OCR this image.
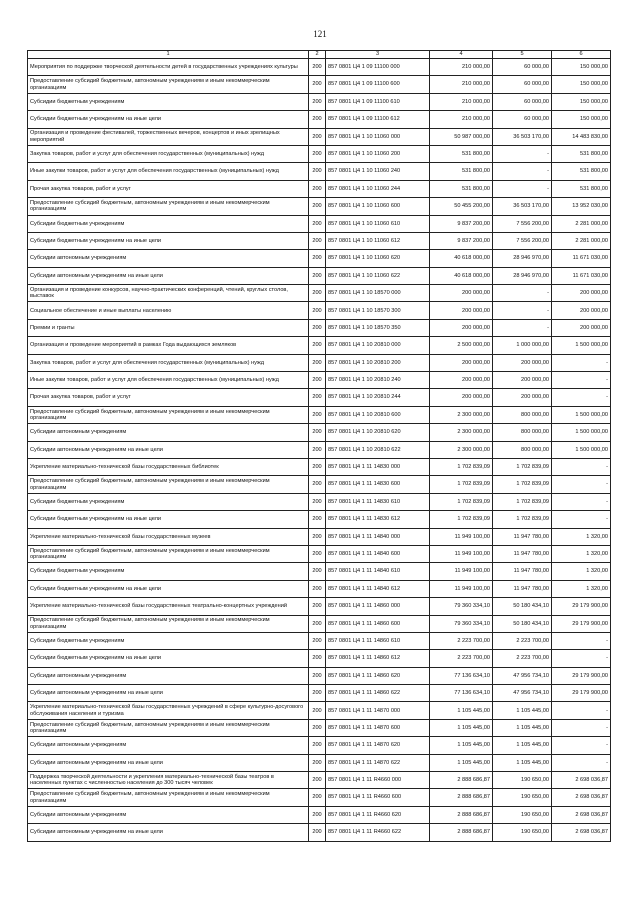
121
1	2	3	4	5	6
Мероприятия по поддержке творческой деятельности детей в государственных учреждениях культуры	200	857 0801 Ц4 1 09 11100 000	210 000,00	60 000,00	150 000,00
Предоставление субсидий бюджетным, автономным учреждениям и иным некоммерческим организациям	200	857 0801 Ц4 1 09 11100 600	210 000,00	60 000,00	150 000,00
Субсидии бюджетным учреждениям	200	857 0801 Ц4 1 09 11100 610	210 000,00	60 000,00	150 000,00
Субсидии бюджетным учреждениям на иные цели	200	857 0801 Ц4 1 09 11100 612	210 000,00	60 000,00	150 000,00
Организация и проведение фестивалей, торжественных вечеров, концертов и иных зрелищных мероприятий	200	857 0801 Ц4 1 10 11060 000	50 987 000,00	36 503 170,00	14 483 830,00
Закупка товаров, работ и услуг для обеспечения государственных (муниципальных) нужд	200	857 0801 Ц4 1 10 11060 200	531 800,00	-	531 800,00
Иные закупки товаров, работ и услуг для обеспечения государственных (муниципальных) нужд	200	857 0801 Ц4 1 10 11060 240	531 800,00	-	531 800,00
Прочая закупка товаров, работ и услуг	200	857 0801 Ц4 1 10 11060 244	531 800,00	-	531 800,00
Предоставление субсидий бюджетным, автономным учреждениям и иным некоммерческим организациям	200	857 0801 Ц4 1 10 11060 600	50 455 200,00	36 503 170,00	13 952 030,00
Субсидии бюджетным учреждениям	200	857 0801 Ц4 1 10 11060 610	9 837 200,00	7 556 200,00	2 281 000,00
Субсидии бюджетным учреждениям на иные цели	200	857 0801 Ц4 1 10 11060 612	9 837 200,00	7 556 200,00	2 281 000,00
Субсидии автономным учреждениям	200	857 0801 Ц4 1 10 11060 620	40 618 000,00	28 946 970,00	11 671 030,00
Субсидии автономным учреждениям на иные цели	200	857 0801 Ц4 1 10 11060 622	40 618 000,00	28 946 970,00	11 671 030,00
Организация и проведение конкурсов, научно-практических конференций, чтений, круглых столов, выставок	200	857 0801 Ц4 1 10 18570 000	200 000,00	-	200 000,00
Социальное обеспечение и иные выплаты населению	200	857 0801 Ц4 1 10 18570 300	200 000,00	-	200 000,00
Премии и гранты	200	857 0801 Ц4 1 10 18570 350	200 000,00	-	200 000,00
Организация и проведение мероприятий в рамках Года выдающихся земляков	200	857 0801 Ц4 1 10 20810 000	2 500 000,00	1 000 000,00	1 500 000,00
Закупка товаров, работ и услуг для обеспечения государственных (муниципальных) нужд	200	857 0801 Ц4 1 10 20810 200	200 000,00	200 000,00	-
Иные закупки товаров, работ и услуг для обеспечения государственных (муниципальных) нужд	200	857 0801 Ц4 1 10 20810 240	200 000,00	200 000,00	-
Прочая закупка товаров, работ и услуг	200	857 0801 Ц4 1 10 20810 244	200 000,00	200 000,00	-
Предоставление субсидий бюджетным, автономным учреждениям и иным некоммерческим организациям	200	857 0801 Ц4 1 10 20810 600	2 300 000,00	800 000,00	1 500 000,00
Субсидии автономным учреждениям	200	857 0801 Ц4 1 10 20810 620	2 300 000,00	800 000,00	1 500 000,00
Субсидии автономным учреждениям на иные цели	200	857 0801 Ц4 1 10 20810 622	2 300 000,00	800 000,00	1 500 000,00
Укрепление материально-технической базы государственных библиотек	200	857 0801 Ц4 1 11 14830 000	1 702 839,09	1 702 839,09	-
Предоставление субсидий бюджетным, автономным учреждениям и иным некоммерческим организациям	200	857 0801 Ц4 1 11 14830 600	1 702 839,09	1 702 839,09	-
Субсидии бюджетным учреждениям	200	857 0801 Ц4 1 11 14830 610	1 702 839,09	1 702 839,09	-
Субсидии бюджетным учреждениям на иные цели	200	857 0801 Ц4 1 11 14830 612	1 702 839,09	1 702 839,09	-
Укрепление материально-технической базы государственных музеев	200	857 0801 Ц4 1 11 14840 000	11 949 100,00	11 947 780,00	1 320,00
Предоставление субсидий бюджетным, автономным учреждениям и иным некоммерческим организациям	200	857 0801 Ц4 1 11 14840 600	11 949 100,00	11 947 780,00	1 320,00
Субсидии бюджетным учреждениям	200	857 0801 Ц4 1 11 14840 610	11 949 100,00	11 947 780,00	1 320,00
Субсидии бюджетным учреждениям на иные цели	200	857 0801 Ц4 1 11 14840 612	11 949 100,00	11 947 780,00	1 320,00
Укрепление материально-технической базы государственных театрально-концертных учреждений	200	857 0801 Ц4 1 11 14860 000	79 360 334,10	50 180 434,10	29 179 900,00
Предоставление субсидий бюджетным, автономным учреждениям и иным некоммерческим организациям	200	857 0801 Ц4 1 11 14860 600	79 360 334,10	50 180 434,10	29 179 900,00
Субсидии бюджетным учреждениям	200	857 0801 Ц4 1 11 14860 610	2 223 700,00	2 223 700,00	-
Субсидии бюджетным учреждениям на иные цели	200	857 0801 Ц4 1 11 14860 612	2 223 700,00	2 223 700,00	-
Субсидии автономным учреждениям	200	857 0801 Ц4 1 11 14860 620	77 136 634,10	47 956 734,10	29 179 900,00
Субсидии автономным учреждениям на иные цели	200	857 0801 Ц4 1 11 14860 622	77 136 634,10	47 956 734,10	29 179 900,00
Укрепление материально-технической базы государственных учреждений в сфере культурно-досугового обслуживания населения и туризма	200	857 0801 Ц4 1 11 14870 000	1 105 445,00	1 105 445,00	-
Предоставление субсидий бюджетным, автономным учреждениям и иным некоммерческим организациям	200	857 0801 Ц4 1 11 14870 600	1 105 445,00	1 105 445,00	-
Субсидии автономным учреждениям	200	857 0801 Ц4 1 11 14870 620	1 105 445,00	1 105 445,00	-
Субсидии автономным учреждениям на иные цели	200	857 0801 Ц4 1 11 14870 622	1 105 445,00	1 105 445,00	-
Поддержка творческой деятельности и укрепления материально-технической базы театров в населенных пунктах с численностью населения до 300 тысяч человек	200	857 0801 Ц4 1 11 R4660 000	2 888 686,87	190 650,00	2 698 036,87
Предоставление субсидий бюджетным, автономным учреждениям и иным некоммерческим организациям	200	857 0801 Ц4 1 11 R4660 600	2 888 686,87	190 650,00	2 698 036,87
Субсидии автономным учреждениям	200	857 0801 Ц4 1 11 R4660 620	2 888 686,87	190 650,00	2 698 036,87
Субсидии автономным учреждениям на иные цели	200	857 0801 Ц4 1 11 R4660 622	2 888 686,87	190 650,00	2 698 036,87
